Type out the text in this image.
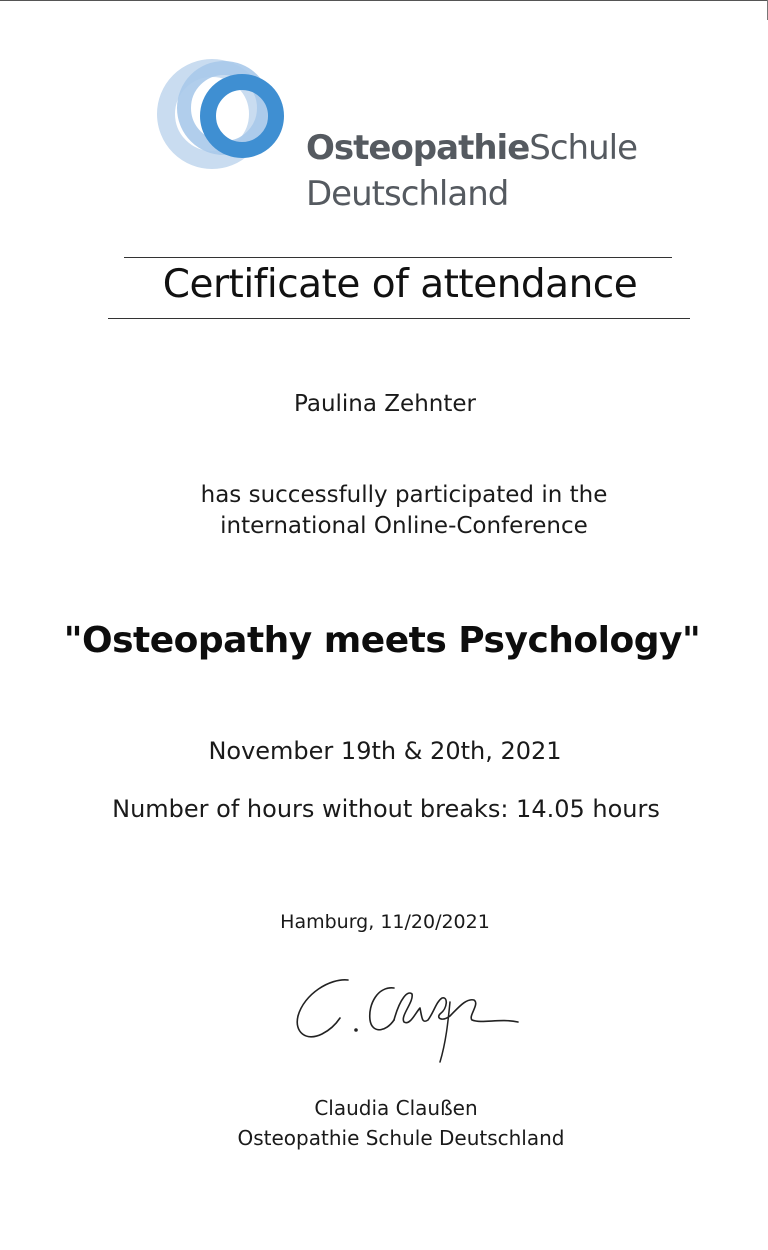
OsteopathieSchule
Deutschland
Certificate of attendance
Paulina Zehnter
has successfully participated in the
international Online-Conference
"Osteopathy meets Psychology"
November 19th & 20th, 2021
Number of hours without breaks: 14.05 hours
Hamburg, 11/20/2021
Claudia Claußen
Osteopathie Schule Deutschland
